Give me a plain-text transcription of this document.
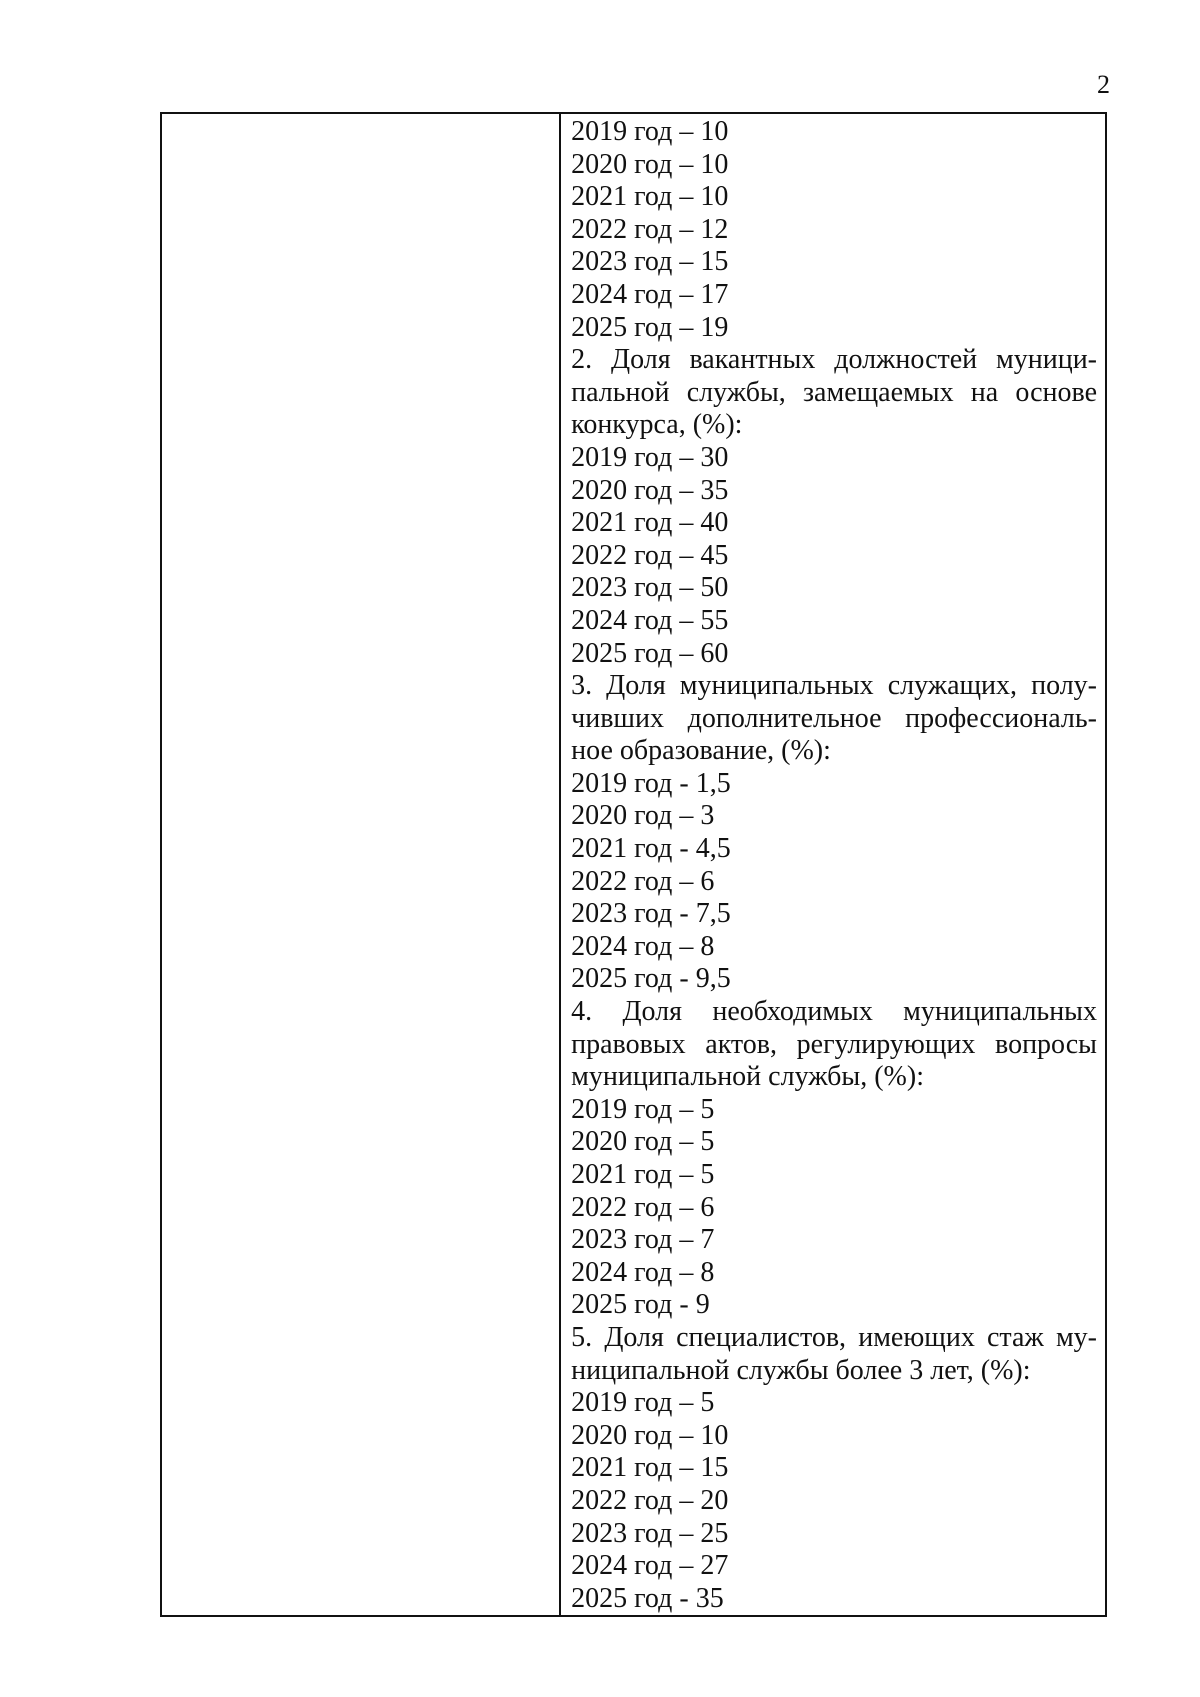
2
2019 год – 10
2020 год – 10
2021 год – 10
2022 год – 12
2023 год – 15
2024 год – 17
2025 год – 19
2. Доля вакантных должностей муници-
пальной службы, замещаемых на основе
конкурса, (%):
2019 год – 30
2020 год – 35
2021 год – 40
2022 год – 45
2023 год – 50
2024 год – 55
2025 год – 60
3. Доля муниципальных служащих, полу-
чивших дополнительное профессиональ-
ное образование, (%):
2019 год - 1,5
2020 год – 3
2021 год - 4,5
2022 год – 6
2023 год - 7,5
2024 год – 8
2025 год - 9,5
4. Доля необходимых муниципальных
правовых актов, регулирующих вопросы
муниципальной службы, (%):
2019 год – 5
2020 год – 5
2021 год – 5
2022 год – 6
2023 год – 7
2024 год – 8
2025 год - 9
5. Доля специалистов, имеющих стаж му-
ниципальной службы более 3 лет, (%):
2019 год – 5
2020 год – 10
2021 год – 15
2022 год – 20
2023 год – 25
2024 год – 27
2025 год - 35
